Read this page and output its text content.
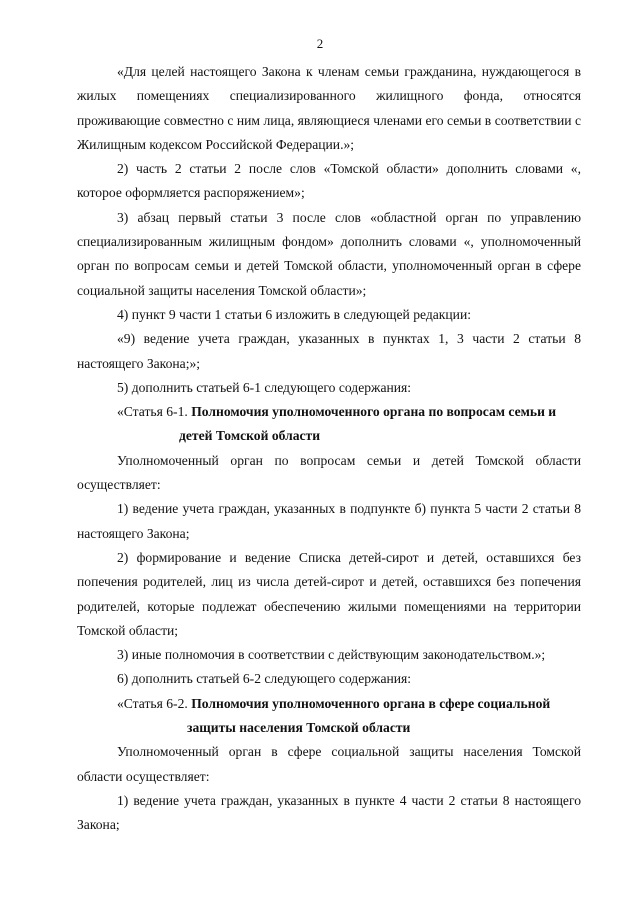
2

«Для целей настоящего Закона к членам семьи гражданина, нуждающегося в жилых помещениях специализированного жилищного фонда, относятся проживающие совместно с ним лица, являющиеся членами его семьи в соответствии с Жилищным кодексом Российской Федерации.»;

2) часть 2 статьи 2 после слов «Томской области» дополнить словами «, которое оформляется распоряжением»;

3) абзац первый статьи 3 после слов «областной орган по управлению специализированным жилищным фондом» дополнить словами «, уполномоченный орган по вопросам семьи и детей Томской области, уполномоченный орган в сфере социальной защиты населения Томской области»;

4) пункт 9 части 1 статьи 6 изложить в следующей редакции:

«9) ведение учета граждан, указанных в пунктах 1, 3 части 2 статьи 8 настоящего Закона;»;

5) дополнить статьей 6-1 следующего содержания:

«Статья 6-1. Полномочия уполномоченного органа по вопросам семьи и
детей Томской области

Уполномоченный орган по вопросам семьи и детей Томской области осуществляет:

1) ведение учета граждан, указанных в подпункте б) пункта 5 части 2 статьи 8 настоящего Закона;

2) формирование и ведение Списка детей-сирот и детей, оставшихся без попечения родителей, лиц из числа детей-сирот и детей, оставшихся без попечения родителей, которые подлежат обеспечению жилыми помещениями на территории Томской области;

3) иные полномочия в соответствии с действующим законодательством.»;

6) дополнить статьей 6-2 следующего содержания:

«Статья 6-2. Полномочия уполномоченного органа в сфере социальной
защиты населения Томской области

Уполномоченный орган в сфере социальной защиты населения Томской области осуществляет:

1) ведение учета граждан, указанных в пункте 4 части 2 статьи 8 настоящего Закона;
